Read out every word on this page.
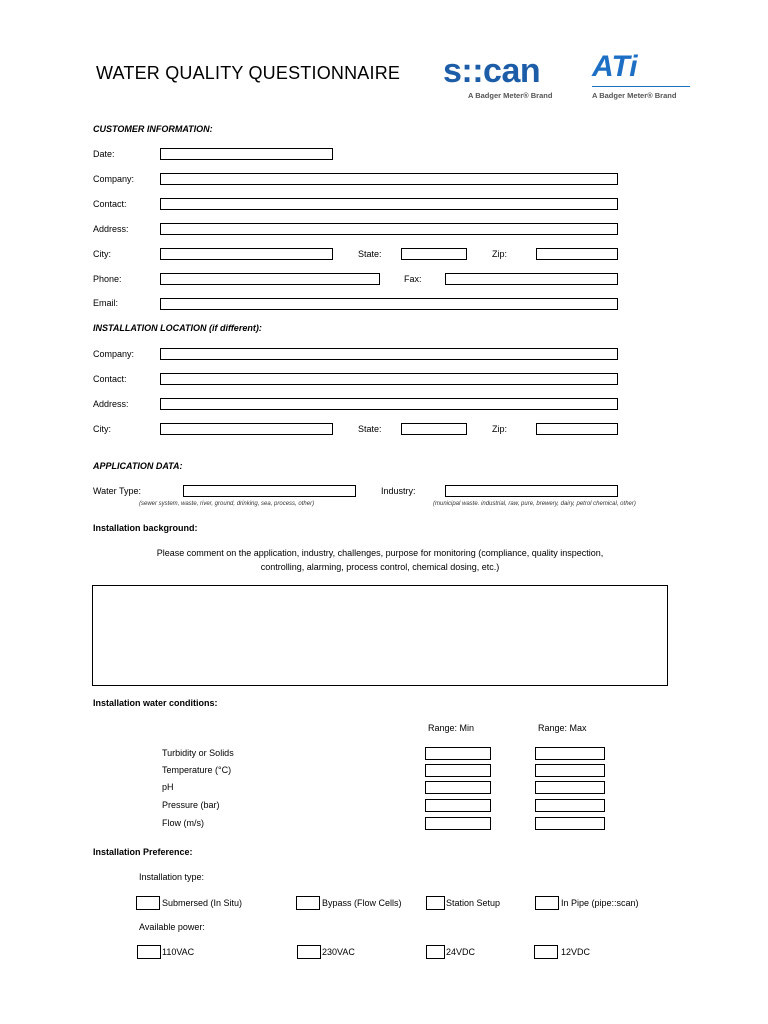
WATER QUALITY QUESTIONNAIRE s::can
A Badger Meter® Brand
ATi
A Badger Meter® Brand
CUSTOMER INFORMATION:
Date:
Company:
Contact:
Address:
City:	State:	Zip:
Phone:	Fax:
Email:
INSTALLATION LOCATION (if different):
Company:
Contact:
Address:
City:	State:	Zip:
APPLICATION DATA:
Water Type:
(sewer system, waste, river, ground, drinking, sea, process, other)
Industry:
(municipal waste. industrial, raw, pure, brewery, dairy, petrol chemical, other)
Installation background:
Please comment on the application, industry, challenges, purpose for monitoring (compliance, quality inspection,
controlling, alarming, process control, chemical dosing, etc.)
Installation water conditions:
Range: Min	Range: Max
Turbidity or Solids
Temperature (°C)
pH
Pressure (bar)
Flow (m/s)
Installation Preference:
Installation type:
Submersed (In Situ)	Bypass (Flow Cells)	Station Setup	In Pipe (pipe::scan)
Available power:
110VAC	230VAC	24VDC	12VDC
